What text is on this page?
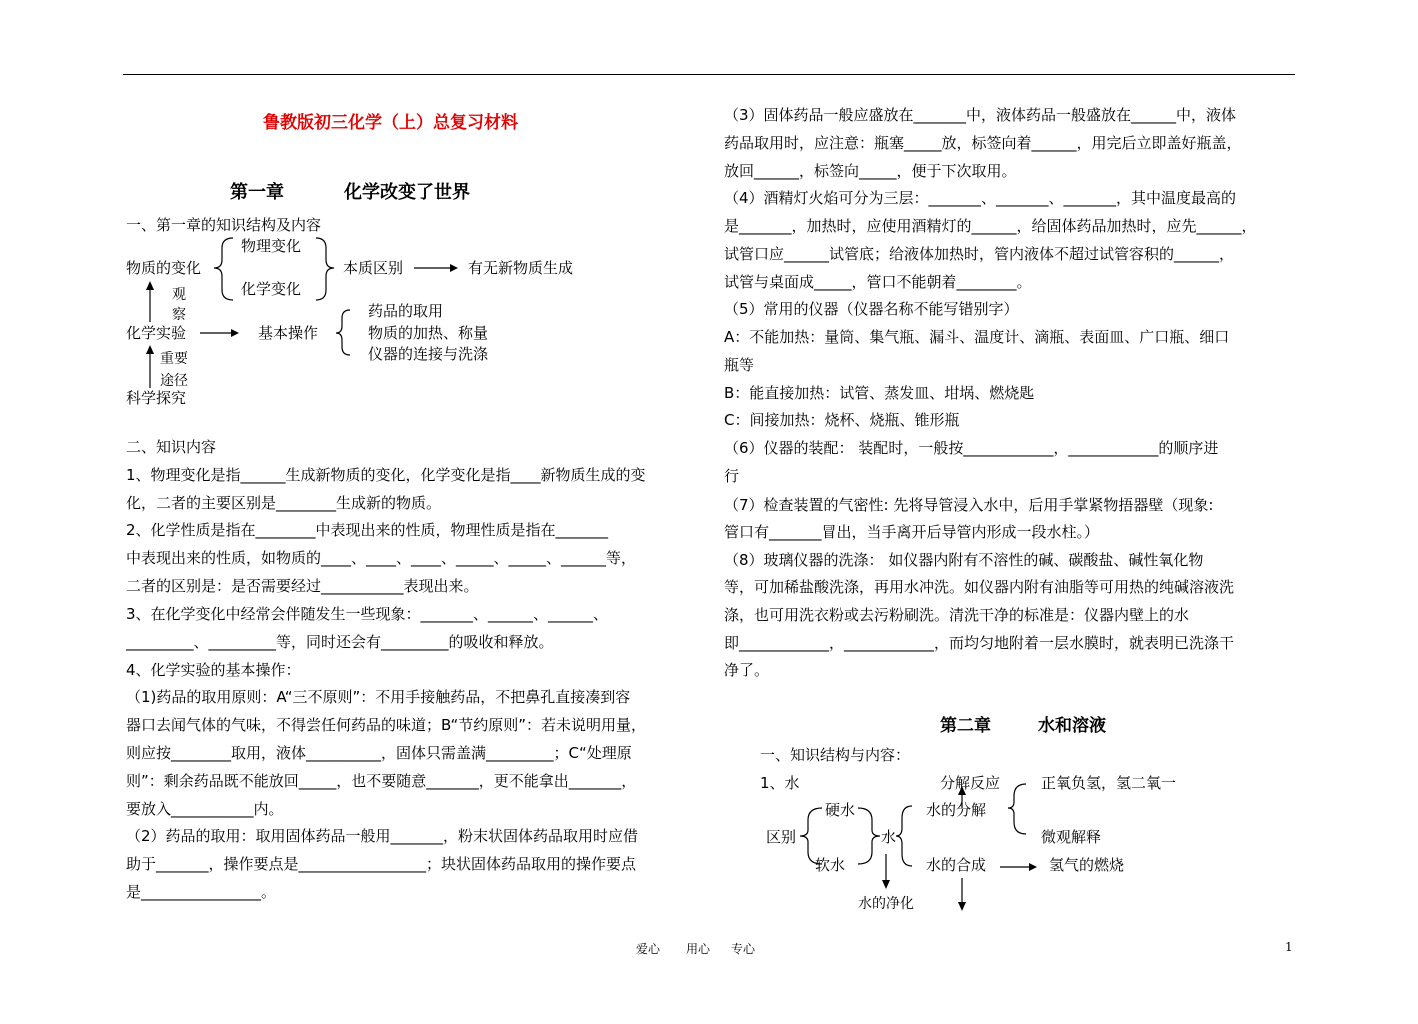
鲁教版初三化学（上）总复习材料
第一章	化学改变了世界
一、第一章的知识结构及内容
物质的变化
物理变化
化学变化
本质区别	有无新物质生成
观
察
化学实验	基本操作
药品的取用
物质的加热、称量
仪器的连接与洗涤
重要
途径
科学探究
二、知识内容
1、物理变化是指______生成新物质的变化，化学变化是指____新物质生成的变
化，二者的主要区别是________生成新的物质。
2、化学性质是指在________中表现出来的性质，物理性质是指在_______
中表现出来的性质，如物质的____、____、____、_____、_____、______等，
二者的区别是：是否需要经过___________表现出来。
3、在化学变化中经常会伴随发生一些现象：_______、______、______、
_________、_________等，同时还会有_________的吸收和释放。
4、化学实验的基本操作：
（1)药品的取用原则：A“三不原则”：不用手接触药品，不把鼻孔直接凑到容
器口去闻气体的气味，不得尝任何药品的味道；B“节约原则”：若未说明用量，
则应按________取用，液体__________，固体只需盖满_________；C“处理原
则”：剩余药品既不能放回_____，也不要随意_______，更不能拿出_______，
要放入___________内。
（2）药品的取用：取用固体药品一般用_______，粉末状固体药品取用时应借
助于_______，操作要点是_________________；块状固体药品取用的操作要点
是________________。
（3）固体药品一般应盛放在_______中，液体药品一般盛放在______中，液体
药品取用时，应注意：瓶塞_____放，标签向着______，用完后立即盖好瓶盖，
放回______，标签向_____，便于下次取用。
（4）酒精灯火焰可分为三层：_______、_______、_______，其中温度最高的
是_______，加热时，应使用酒精灯的______，给固体药品加热时，应先______，
试管口应______试管底；给液体加热时，管内液体不超过试管容积的______，
试管与桌面成_____，管口不能朝着________。
（5）常用的仪器（仪器名称不能写错别字）
A：不能加热：量筒、集气瓶、漏斗、温度计、滴瓶、表面皿、广口瓶、细口
瓶等
B：能直接加热：试管、蒸发皿、坩埚、燃烧匙
C：间接加热：烧杯、烧瓶、锥形瓶
（6）仪器的装配： 装配时，一般按____________，____________的顺序进
行
（7）检查装置的气密性: 先将导管浸入水中，后用手掌紧物捂器壁（现象:
管口有_______冒出，当手离开后导管内形成一段水柱。）
（8）玻璃仪器的洗涤： 如仪器内附有不溶性的碱、碳酸盐、碱性氧化物
等，可加稀盐酸洗涤，再用水冲洗。如仪器内附有油脂等可用热的纯碱溶液洗
涤，也可用洗衣粉或去污粉刷洗。清洗干净的标准是：仪器内壁上的水
即____________，____________，而均匀地附着一层水膜时，就表明已洗涤干
净了。
第二章	水和溶液
一、知识结构与内容：
1、水	分解反应	正氧负氢，氢二氧一
硬水	水的分解
区别	水	微观解释
软水	水的合成	氢气的燃烧
水的净化
爱心 用心 专心	1
